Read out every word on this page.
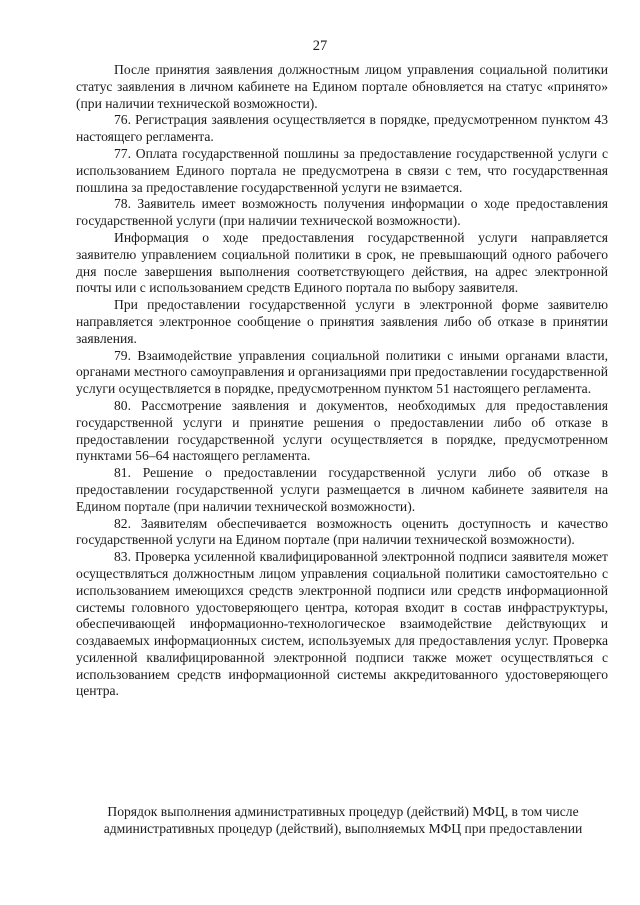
27

После принятия заявления должностным лицом управления социальной политики статус заявления в личном кабинете на Едином портале обновляется на статус «принято» (при наличии технической возможности).

76. Регистрация заявления осуществляется в порядке, предусмотренном пунктом 43 настоящего регламента.

77. Оплата государственной пошлины за предоставление государственной услуги с использованием Единого портала не предусмотрена в связи с тем, что государственная пошлина за предоставление государственной услуги не взимается.

78. Заявитель имеет возможность получения информации о ходе предоставления государственной услуги (при наличии технической возможности).

Информация о ходе предоставления государственной услуги направляется заявителю управлением социальной политики в срок, не превышающий одного рабочего дня после завершения выполнения соответствующего действия, на адрес электронной почты или с использованием средств Единого портала по выбору заявителя.

При предоставлении государственной услуги в электронной форме заявителю направляется электронное сообщение о принятия заявления либо об отказе в принятии заявления.

79. Взаимодействие управления социальной политики с иными органами власти, органами местного самоуправления и организациями при предоставлении государственной услуги осуществляется в порядке, предусмотренном пунктом 51 настоящего регламента.

80. Рассмотрение заявления и документов, необходимых для предоставления государственной услуги и принятие решения о предоставлении либо об отказе в предоставлении государственной услуги осуществляется в порядке, предусмотренном пунктами 56–64 настоящего регламента.

81. Решение о предоставлении государственной услуги либо об отказе в предоставлении государственной услуги размещается в личном кабинете заявителя на Едином портале (при наличии технической возможности).

82. Заявителям обеспечивается возможность оценить доступность и качество государственной услуги на Едином портале (при наличии технической возможности).

83. Проверка усиленной квалифицированной электронной подписи заявителя может осуществляться должностным лицом управления социальной политики самостоятельно с использованием имеющихся средств электронной подписи или средств информационной системы головного удостоверяющего центра, которая входит в состав инфраструктуры, обеспечивающей информационно-технологическое взаимодействие действующих и создаваемых информационных систем, используемых для предоставления услуг. Проверка усиленной квалифицированной электронной подписи также может осуществляться с использованием средств информационной системы аккредитованного удостоверяющего центра.

Порядок выполнения административных процедур (действий) МФЦ, в том числе административных процедур (действий), выполняемых МФЦ при предоставлении
